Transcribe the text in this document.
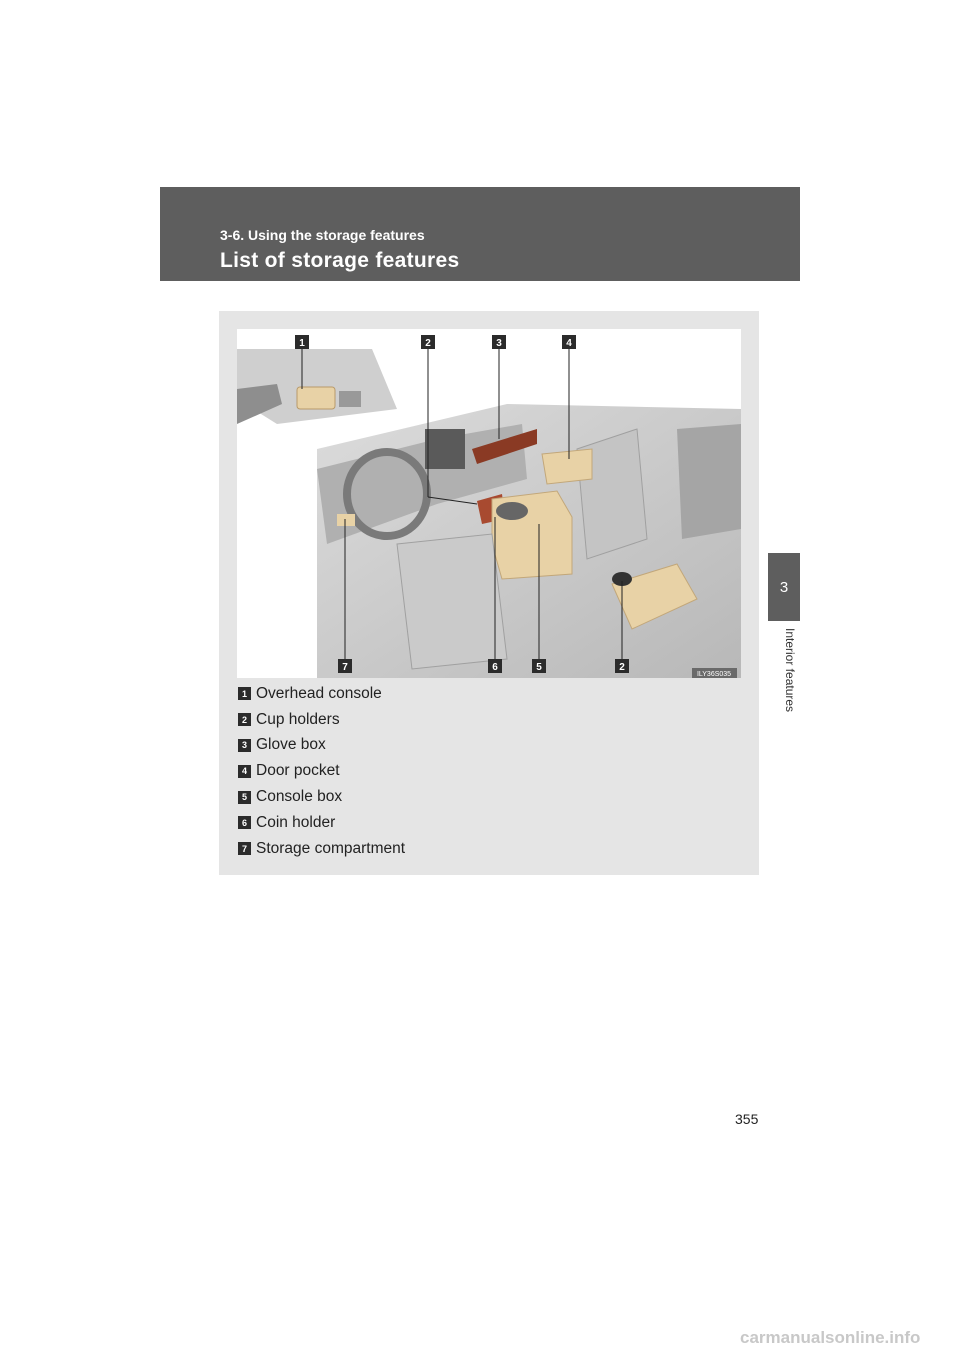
3-6. Using the storage features
List of storage features
3
Interior features
1	2	3	4
7	6	5	2
ILY36S035
1 Overhead console
2 Cup holders
3 Glove box
4 Door pocket
5 Console box
6 Coin holder
7 Storage compartment
355
carmanualsonline.info
